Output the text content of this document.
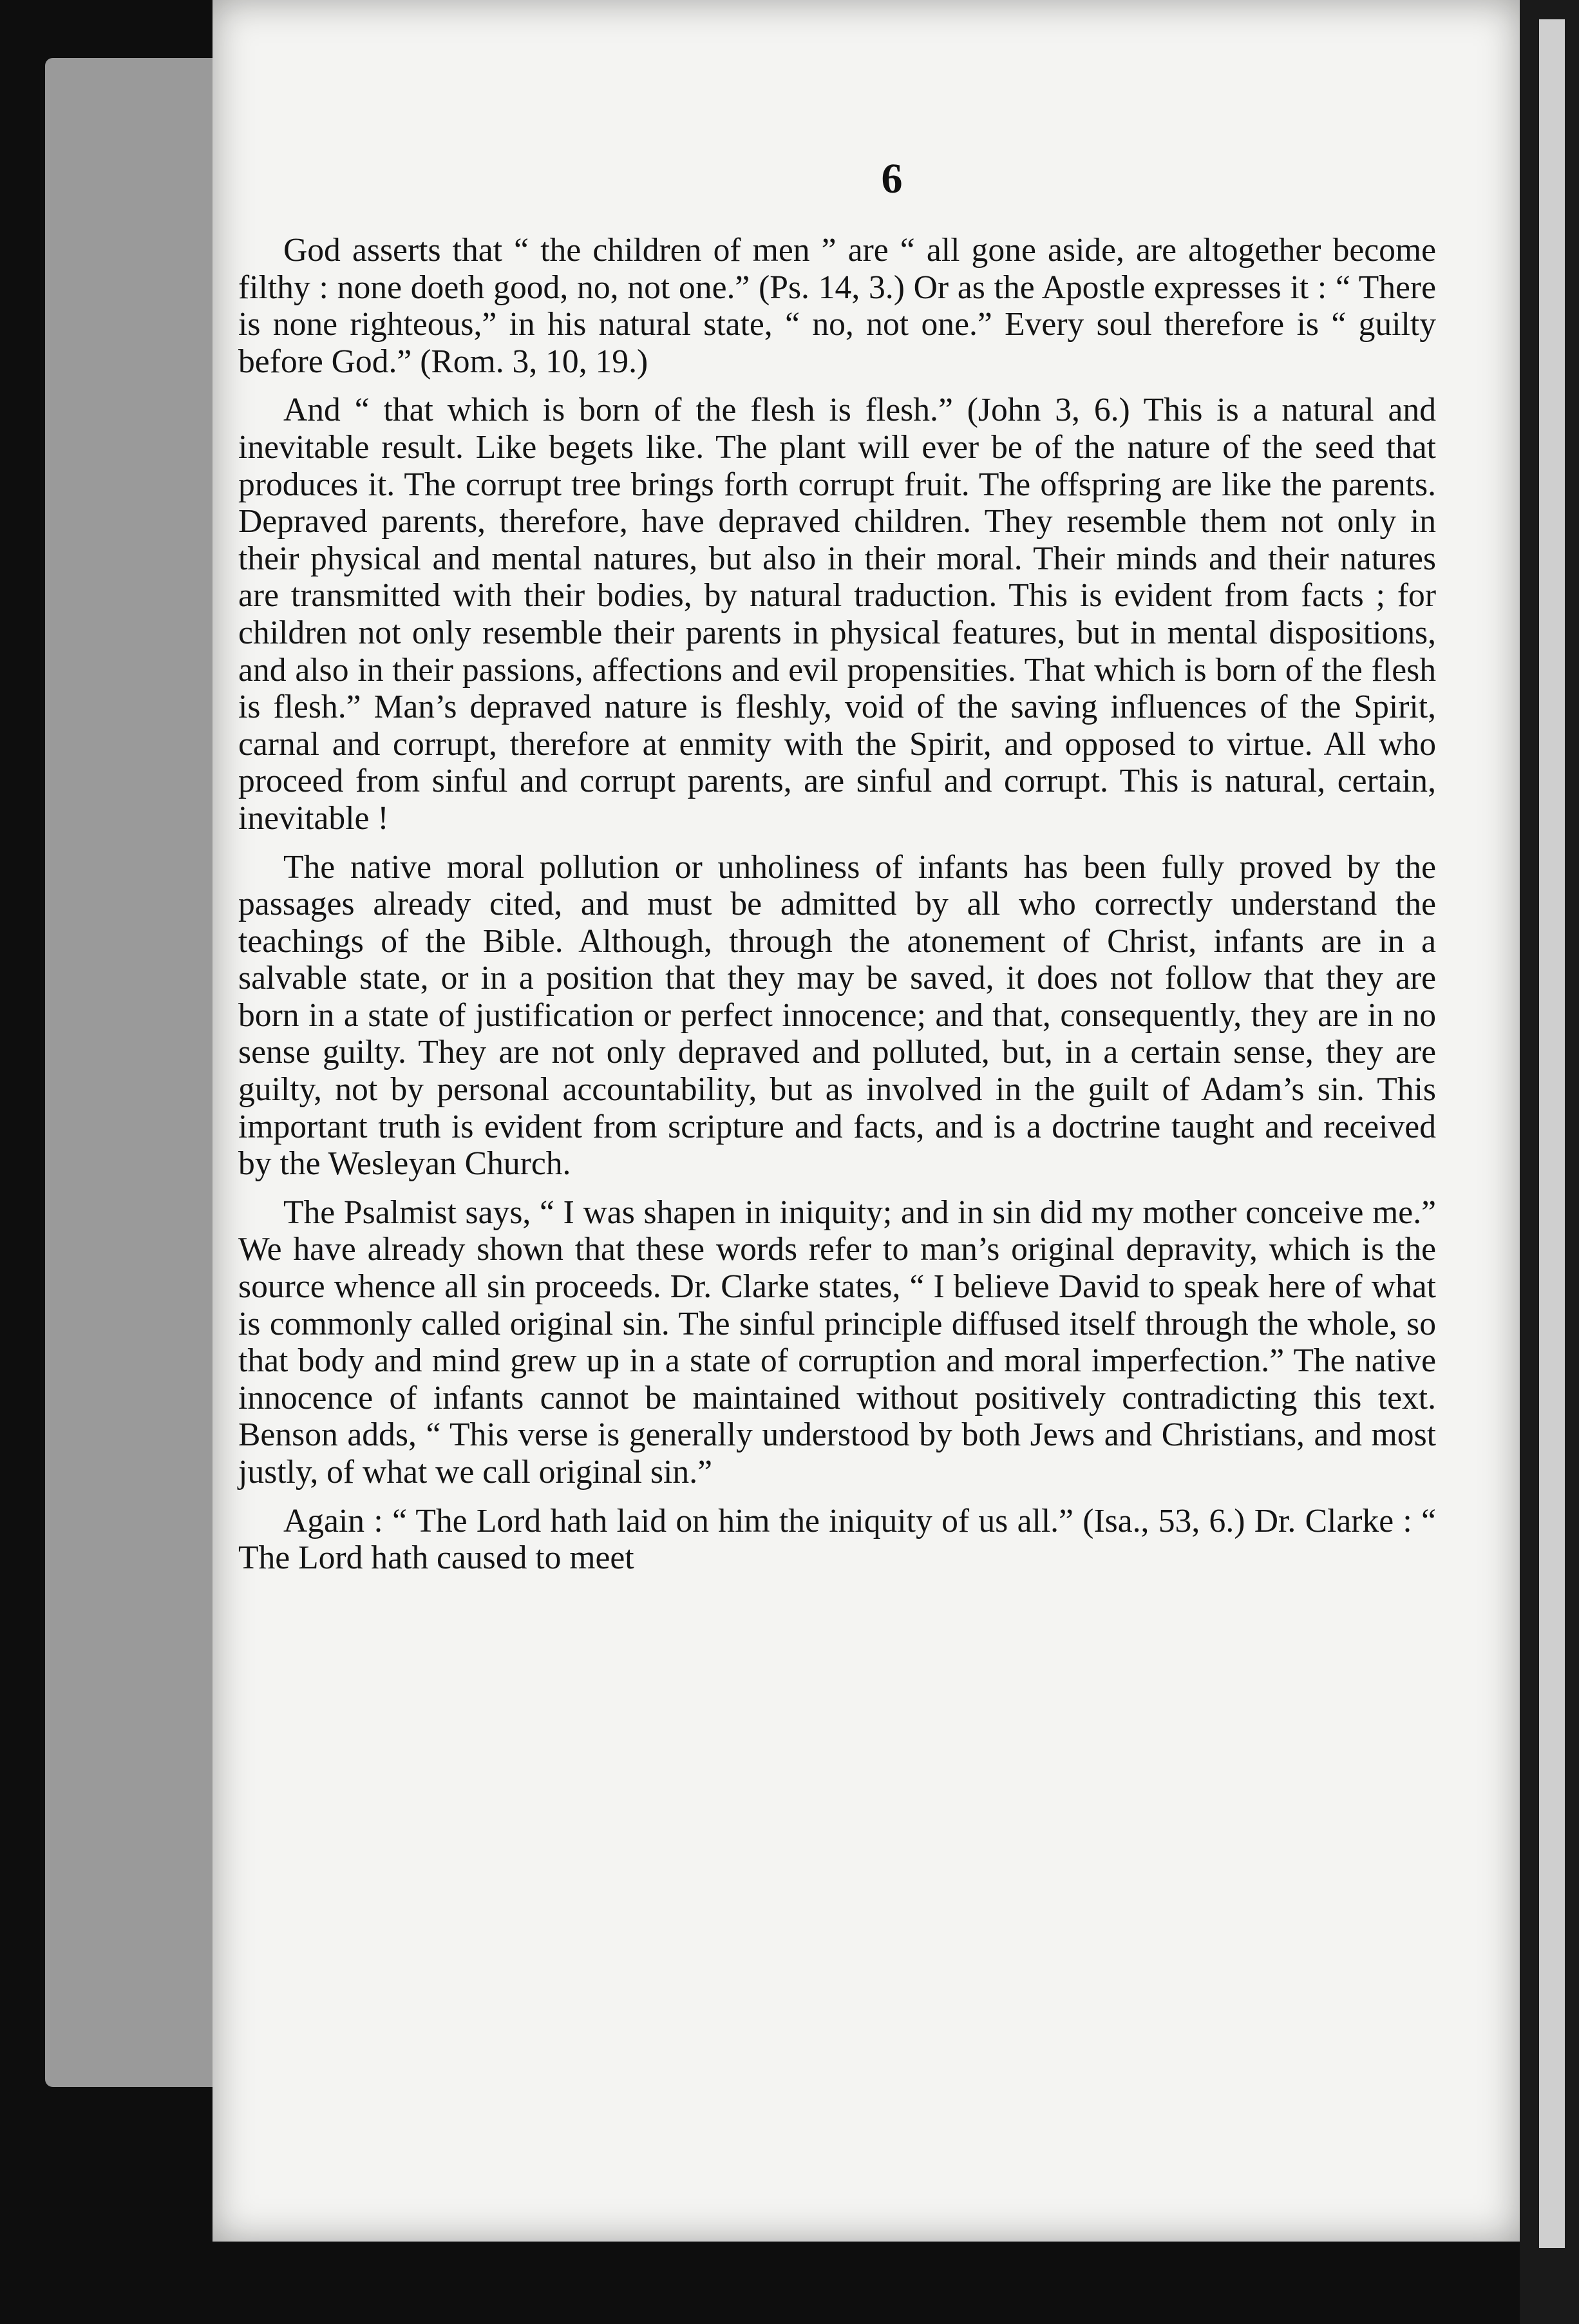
6

God asserts that “ the children of men ” are “ all gone aside, are altogether become filthy : none doeth good, no, not one.” (Ps. 14, 3.) Or as the Apostle expresses it : “ There is none righteous,” in his natural state, “ no, not one.” Every soul therefore is “ guilty before God.” (Rom. 3, 10, 19.)

And “ that which is born of the flesh is flesh.” (John 3, 6.) This is a natural and inevitable result. Like begets like. The plant will ever be of the nature of the seed that produces it. The corrupt tree brings forth corrupt fruit. The offspring are like the parents. Depraved parents, therefore, have depraved children. They resemble them not only in their physical and mental natures, but also in their moral. Their minds and their natures are transmitted with their bodies, by natural traduction. This is evident from facts ; for children not only resemble their parents in physical features, but in mental dispositions, and also in their passions, affections and evil propensities. That which is born of the flesh is flesh.” Man’s depraved nature is fleshly, void of the saving influences of the Spirit, carnal and corrupt, therefore at enmity with the Spirit, and opposed to virtue. All who proceed from sinful and corrupt parents, are sinful and corrupt. This is natural, certain, inevitable !

The native moral pollution or unholiness of infants has been fully proved by the passages already cited, and must be admitted by all who correctly understand the teachings of the Bible. Although, through the atonement of Christ, infants are in a salvable state, or in a position that they may be saved, it does not follow that they are born in a state of justification or perfect innocence; and that, consequently, they are in no sense guilty. They are not only depraved and polluted, but, in a certain sense, they are guilty, not by personal accountability, but as involved in the guilt of Adam’s sin. This important truth is evident from scripture and facts, and is a doctrine taught and received by the Wesleyan Church.

The Psalmist says, “ I was shapen in iniquity; and in sin did my mother conceive me.” We have already shown that these words refer to man’s original depravity, which is the source whence all sin proceeds. Dr. Clarke states, “ I believe David to speak here of what is commonly called original sin. The sinful principle diffused itself through the whole, so that body and mind grew up in a state of corruption and moral imperfection.” The native innocence of infants cannot be maintained without positively contradicting this text. Benson adds, “ This verse is generally understood by both Jews and Christians, and most justly, of what we call original sin.”

Again : “ The Lord hath laid on him the iniquity of us all.” (Isa., 53, 6.) Dr. Clarke : “ The Lord hath caused to meet
